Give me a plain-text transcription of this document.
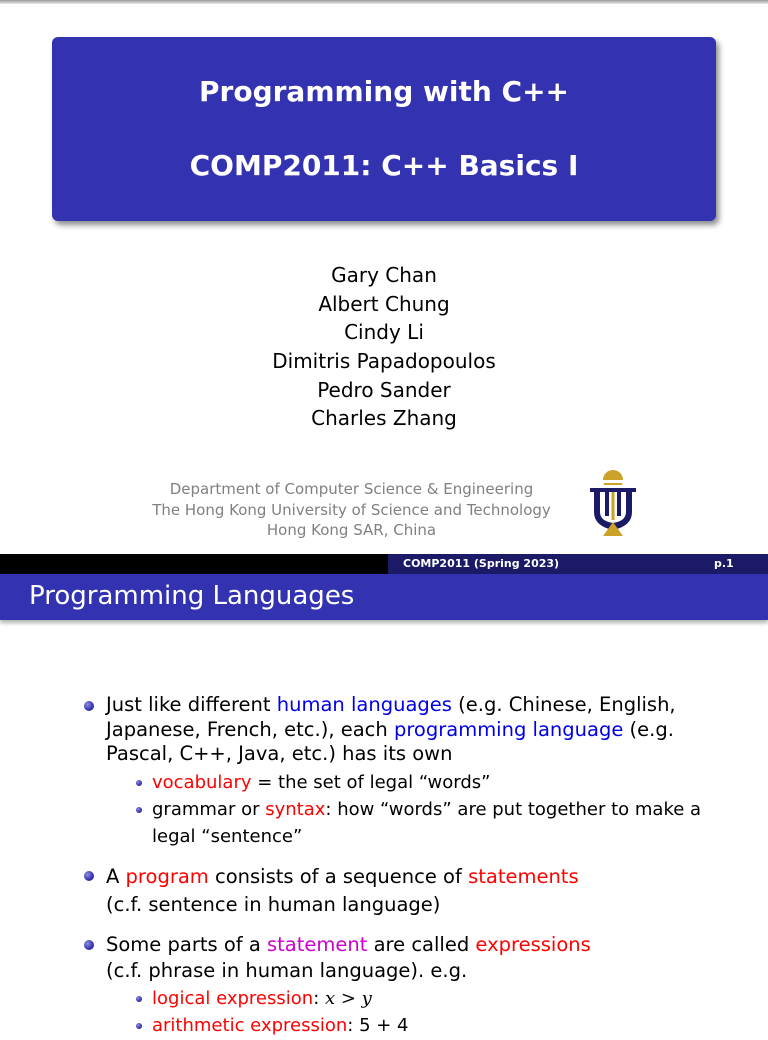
Programming with C++
COMP2011: C++ Basics I
Gary Chan
Albert Chung
Cindy Li
Dimitris Papadopoulos
Pedro Sander
Charles Zhang
Department of Computer Science & Engineering
The Hong Kong University of Science and Technology
Hong Kong SAR, China
COMP2011 (Spring 2023)	p.1
Programming Languages
Just like different human languages (e.g. Chinese, English, Japanese, French, etc.), each programming language (e.g. Pascal, C++, Java, etc.) has its own
vocabulary = the set of legal “words”
grammar or syntax: how “words” are put together to make a legal “sentence”
A program consists of a sequence of statements
(c.f. sentence in human language)
Some parts of a statement are called expressions
(c.f. phrase in human language). e.g.
logical expression: x > y
arithmetic expression: 5 + 4
